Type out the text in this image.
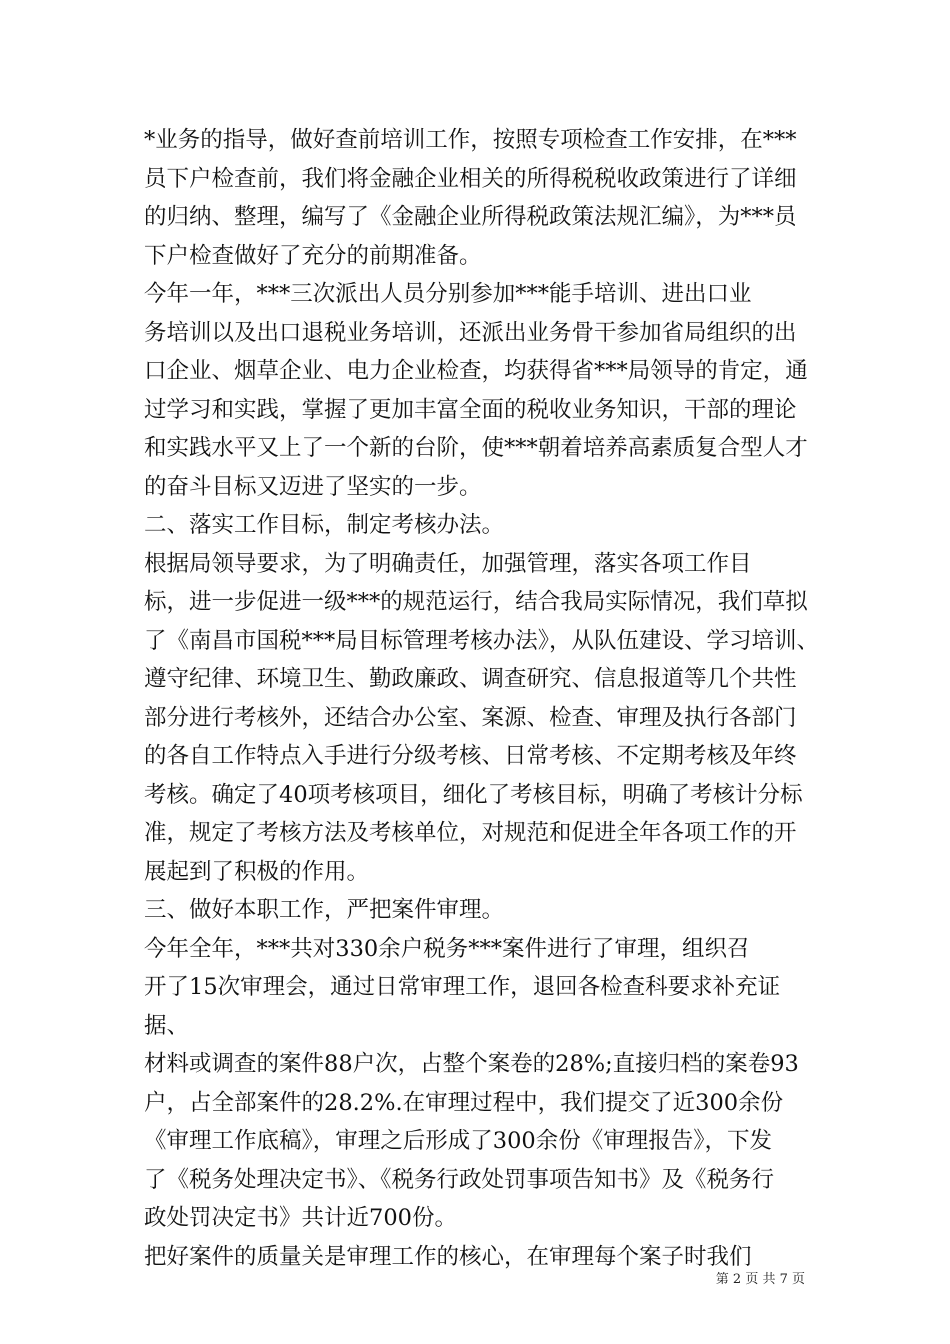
*业务的指导，做好查前培训工作，按照专项检查工作安排，在***
员下户检查前，我们将金融企业相关的所得税税收政策进行了详细
的归纳、整理，编写了《金融企业所得税政策法规汇编》，为***员
下户检查做好了充分的前期准备。

今年一年，***三次派出人员分别参加***能手培训、进出口业
务培训以及出口退税业务培训，还派出业务骨干参加省局组织的出
口企业、烟草企业、电力企业检查，均获得省***局领导的肯定，通
过学习和实践，掌握了更加丰富全面的税收业务知识，干部的理论
和实践水平又上了一个新的台阶，使***朝着培养高素质复合型人才
的奋斗目标又迈进了坚实的一步。

二、落实工作目标，制定考核办法。

根据局领导要求，为了明确责任，加强管理，落实各项工作目
标，进一步促进一级***的规范运行，结合我局实际情况，我们草拟
了《南昌市国税***局目标管理考核办法》，从队伍建设、学习培训、
遵守纪律、环境卫生、勤政廉政、调查研究、信息报道等几个共性
部分进行考核外，还结合办公室、案源、检查、审理及执行各部门
的各自工作特点入手进行分级考核、日常考核、不定期考核及年终
考核。确定了40项考核项目，细化了考核目标，明确了考核计分标
准，规定了考核方法及考核单位，对规范和促进全年各项工作的开
展起到了积极的作用。

三、做好本职工作，严把案件审理。

今年全年，***共对330余户税务***案件进行了审理，组织召
开了15次审理会，通过日常审理工作，退回各检查科要求补充证据、
材料或调查的案件88户次，占整个案卷的28%;直接归档的案卷93
户，占全部案件的28.2%.在审理过程中，我们提交了近300余份
《审理工作底稿》，审理之后形成了300余份《审理报告》，下发
了《税务处理决定书》、《税务行政处罚事项告知书》及《税务行
政处罚决定书》共计近700份。

把好案件的质量关是审理工作的核心，在审理每个案子时我们

第 2 页 共 7 页
